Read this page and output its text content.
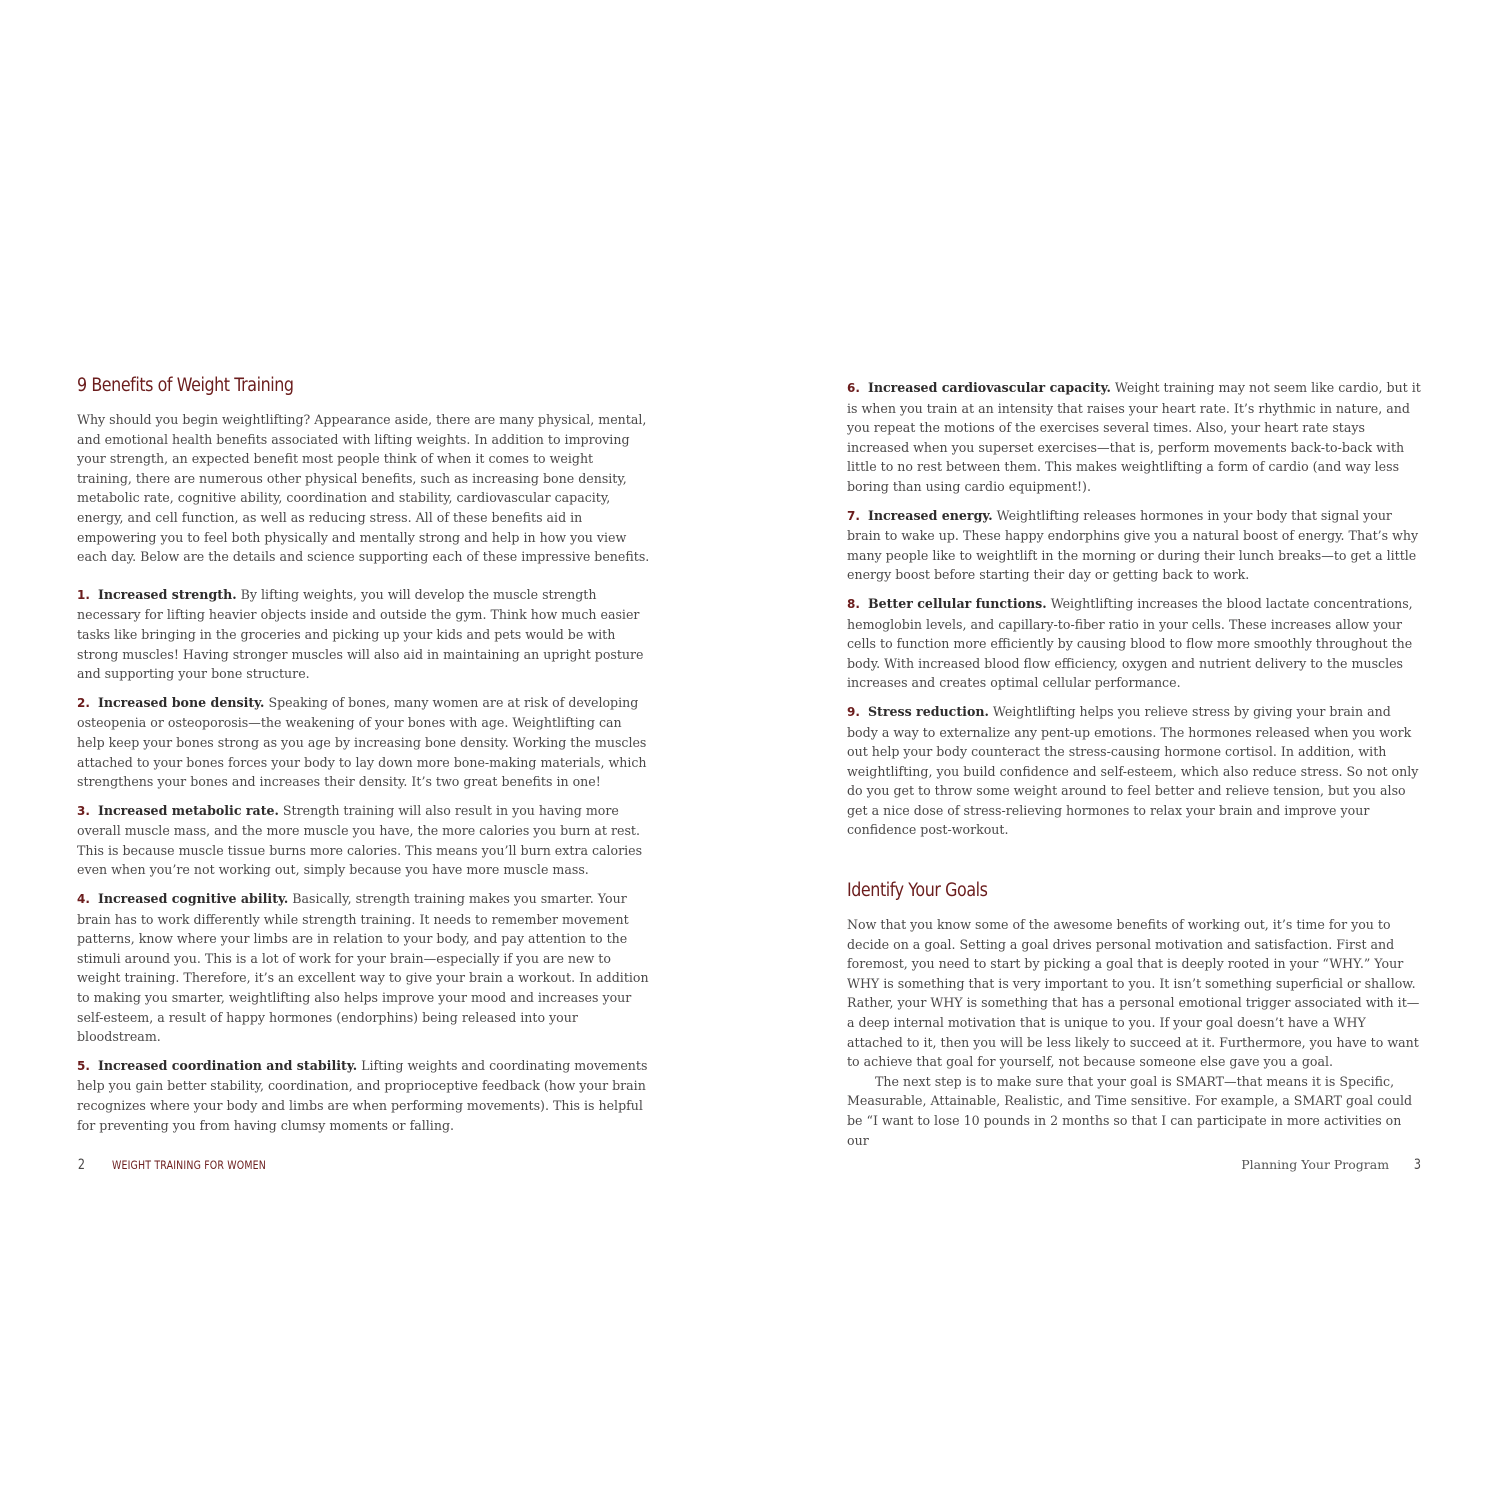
9 Benefits of Weight Training

Why should you begin weightlifting? Appearance aside, there are many physical, mental, and emotional health benefits associated with lifting weights. In addition to improving your strength, an expected benefit most people think of when it comes to weight training, there are numerous other physical benefits, such as increasing bone density, metabolic rate, cognitive ability, coordination and stability, cardiovascular capacity, energy, and cell function, as well as reducing stress. All of these benefits aid in empowering you to feel both physically and mentally strong and help in how you view each day. Below are the details and science supporting each of these impressive benefits.

1. Increased strength. By lifting weights, you will develop the muscle strength necessary for lifting heavier objects inside and outside the gym. Think how much easier tasks like bringing in the groceries and picking up your kids and pets would be with strong muscles! Having stronger muscles will also aid in maintaining an upright posture and supporting your bone structure.

2. Increased bone density. Speaking of bones, many women are at risk of developing osteopenia or osteoporosis—the weakening of your bones with age. Weightlifting can help keep your bones strong as you age by increasing bone density. Working the muscles attached to your bones forces your body to lay down more bone-making materials, which strengthens your bones and increases their density. It’s two great benefits in one!

3. Increased metabolic rate. Strength training will also result in you having more overall muscle mass, and the more muscle you have, the more calories you burn at rest. This is because muscle tissue burns more calories. This means you’ll burn extra calories even when you’re not working out, simply because you have more muscle mass.

4. Increased cognitive ability. Basically, strength training makes you smarter. Your brain has to work differently while strength training. It needs to remember movement patterns, know where your limbs are in relation to your body, and pay attention to the stimuli around you. This is a lot of work for your brain—especially if you are new to weight training. Therefore, it’s an excellent way to give your brain a workout. In addition to making you smarter, weightlifting also helps improve your mood and increases your self-esteem, a result of happy hormones (endorphins) being released into your bloodstream.

5. Increased coordination and stability. Lifting weights and coordinating movements help you gain better stability, coordination, and proprioceptive feedback (how your brain recognizes where your body and limbs are when performing movements). This is helpful for preventing you from having clumsy moments or falling.

2 WEIGHT TRAINING FOR WOMEN

6. Increased cardiovascular capacity. Weight training may not seem like cardio, but it is when you train at an intensity that raises your heart rate. It’s rhythmic in nature, and you repeat the motions of the exercises several times. Also, your heart rate stays increased when you superset exercises—that is, perform movements back-to-back with little to no rest between them. This makes weightlifting a form of cardio (and way less boring than using cardio equipment!).

7. Increased energy. Weightlifting releases hormones in your body that signal your brain to wake up. These happy endorphins give you a natural boost of energy. That’s why many people like to weightlift in the morning or during their lunch breaks—to get a little energy boost before starting their day or getting back to work.

8. Better cellular functions. Weightlifting increases the blood lactate concentrations, hemoglobin levels, and capillary-to-fiber ratio in your cells. These increases allow your cells to function more efficiently by causing blood to flow more smoothly throughout the body. With increased blood flow efficiency, oxygen and nutrient delivery to the muscles increases and creates optimal cellular performance.

9. Stress reduction. Weightlifting helps you relieve stress by giving your brain and body a way to externalize any pent-up emotions. The hormones released when you work out help your body counteract the stress-causing hormone cortisol. In addition, with weightlifting, you build confidence and self-esteem, which also reduce stress. So not only do you get to throw some weight around to feel better and relieve tension, but you also get a nice dose of stress-relieving hormones to relax your brain and improve your confidence post-workout.

Identify Your Goals

Now that you know some of the awesome benefits of working out, it’s time for you to decide on a goal. Setting a goal drives personal motivation and satisfaction. First and foremost, you need to start by picking a goal that is deeply rooted in your “WHY.” Your WHY is something that is very important to you. It isn’t something superficial or shallow. Rather, your WHY is something that has a personal emotional trigger associated with it—a deep internal motivation that is unique to you. If your goal doesn’t have a WHY attached to it, then you will be less likely to succeed at it. Furthermore, you have to want to achieve that goal for yourself, not because someone else gave you a goal.

The next step is to make sure that your goal is SMART—that means it is Specific, Measurable, Attainable, Realistic, and Time sensitive. For example, a SMART goal could be “I want to lose 10 pounds in 2 months so that I can participate in more activities on our

Planning Your Program 3
